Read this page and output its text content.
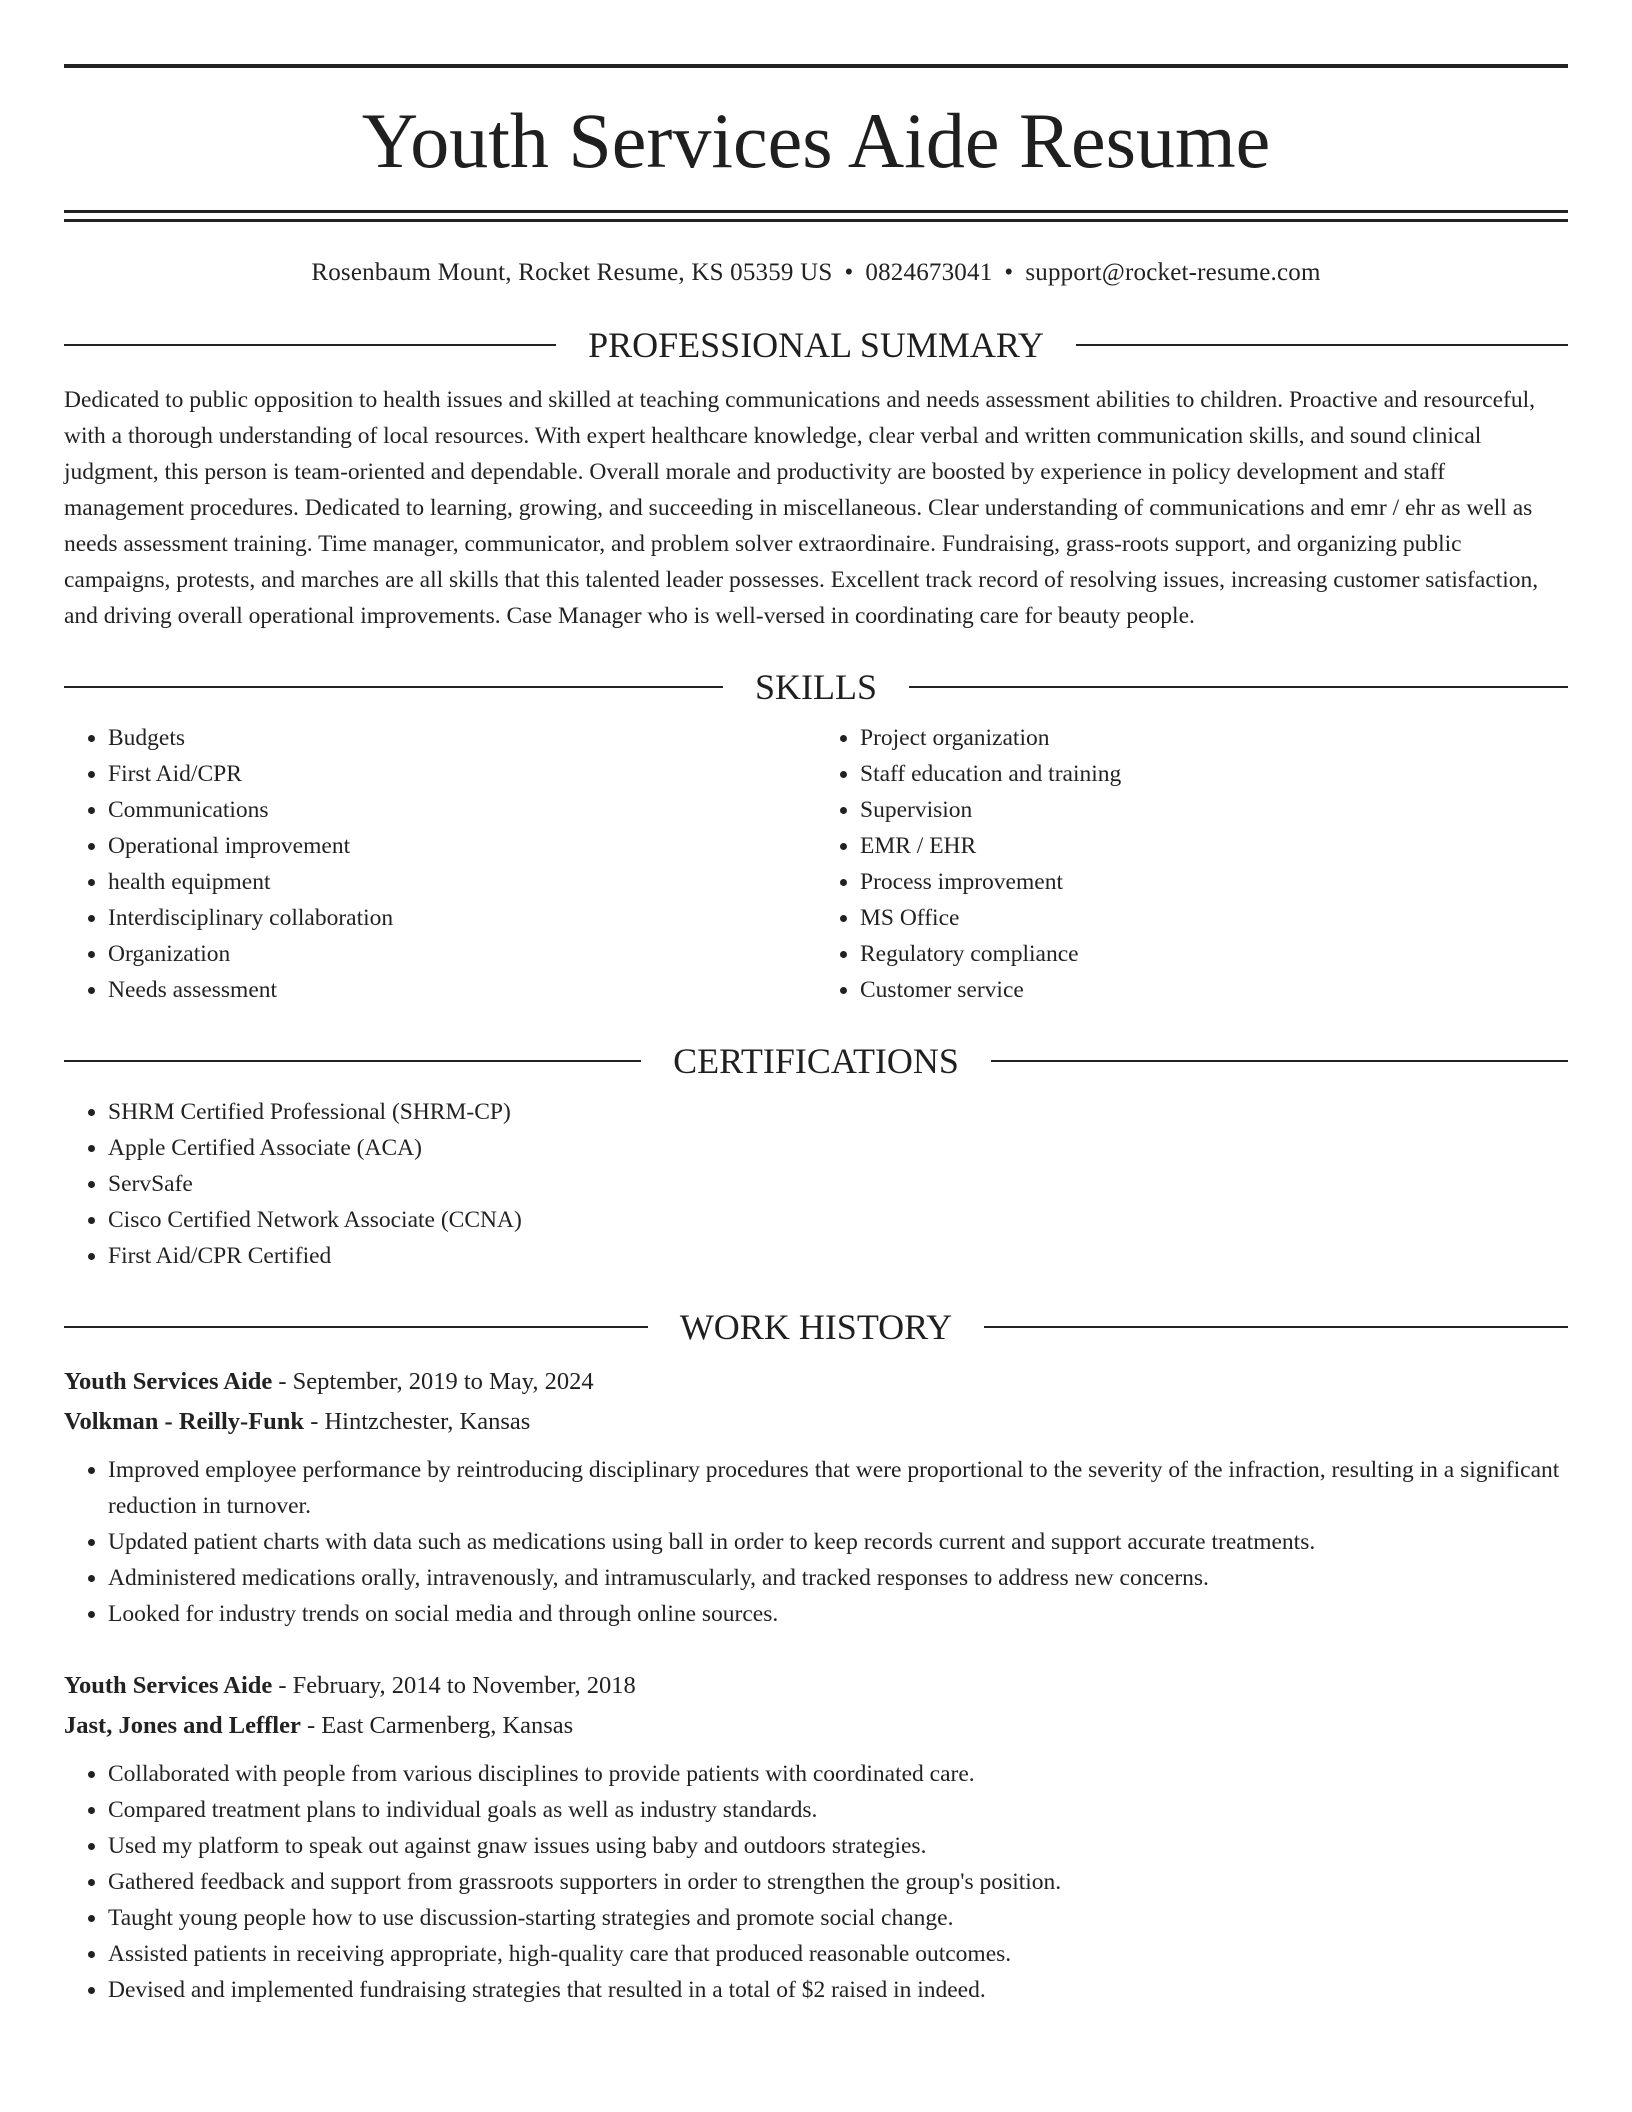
Youth Services Aide Resume
Rosenbaum Mount, Rocket Resume, KS 05359 US • 0824673041 • support@rocket-resume.com
PROFESSIONAL SUMMARY
Dedicated to public opposition to health issues and skilled at teaching communications and needs assessment abilities to children. Proactive and resourceful, with a thorough understanding of local resources. With expert healthcare knowledge, clear verbal and written communication skills, and sound clinical judgment, this person is team-oriented and dependable. Overall morale and productivity are boosted by experience in policy development and staff management procedures. Dedicated to learning, growing, and succeeding in miscellaneous. Clear understanding of communications and emr / ehr as well as needs assessment training. Time manager, communicator, and problem solver extraordinaire. Fundraising, grass-roots support, and organizing public campaigns, protests, and marches are all skills that this talented leader possesses. Excellent track record of resolving issues, increasing customer satisfaction, and driving overall operational improvements. Case Manager who is well-versed in coordinating care for beauty people.
SKILLS
• Budgets
• First Aid/CPR
• Communications
• Operational improvement
• health equipment
• Interdisciplinary collaboration
• Organization
• Needs assessment
• Project organization
• Staff education and training
• Supervision
• EMR / EHR
• Process improvement
• MS Office
• Regulatory compliance
• Customer service
CERTIFICATIONS
• SHRM Certified Professional (SHRM-CP)
• Apple Certified Associate (ACA)
• ServSafe
• Cisco Certified Network Associate (CCNA)
• First Aid/CPR Certified
WORK HISTORY
Youth Services Aide - September, 2019 to May, 2024
Volkman - Reilly-Funk - Hintzchester, Kansas
• Improved employee performance by reintroducing disciplinary procedures that were proportional to the severity of the infraction, resulting in a significant reduction in turnover.
• Updated patient charts with data such as medications using ball in order to keep records current and support accurate treatments.
• Administered medications orally, intravenously, and intramuscularly, and tracked responses to address new concerns.
• Looked for industry trends on social media and through online sources.
Youth Services Aide - February, 2014 to November, 2018
Jast, Jones and Leffler - East Carmenberg, Kansas
• Collaborated with people from various disciplines to provide patients with coordinated care.
• Compared treatment plans to individual goals as well as industry standards.
• Used my platform to speak out against gnaw issues using baby and outdoors strategies.
• Gathered feedback and support from grassroots supporters in order to strengthen the group's position.
• Taught young people how to use discussion-starting strategies and promote social change.
• Assisted patients in receiving appropriate, high-quality care that produced reasonable outcomes.
• Devised and implemented fundraising strategies that resulted in a total of $2 raised in indeed.
